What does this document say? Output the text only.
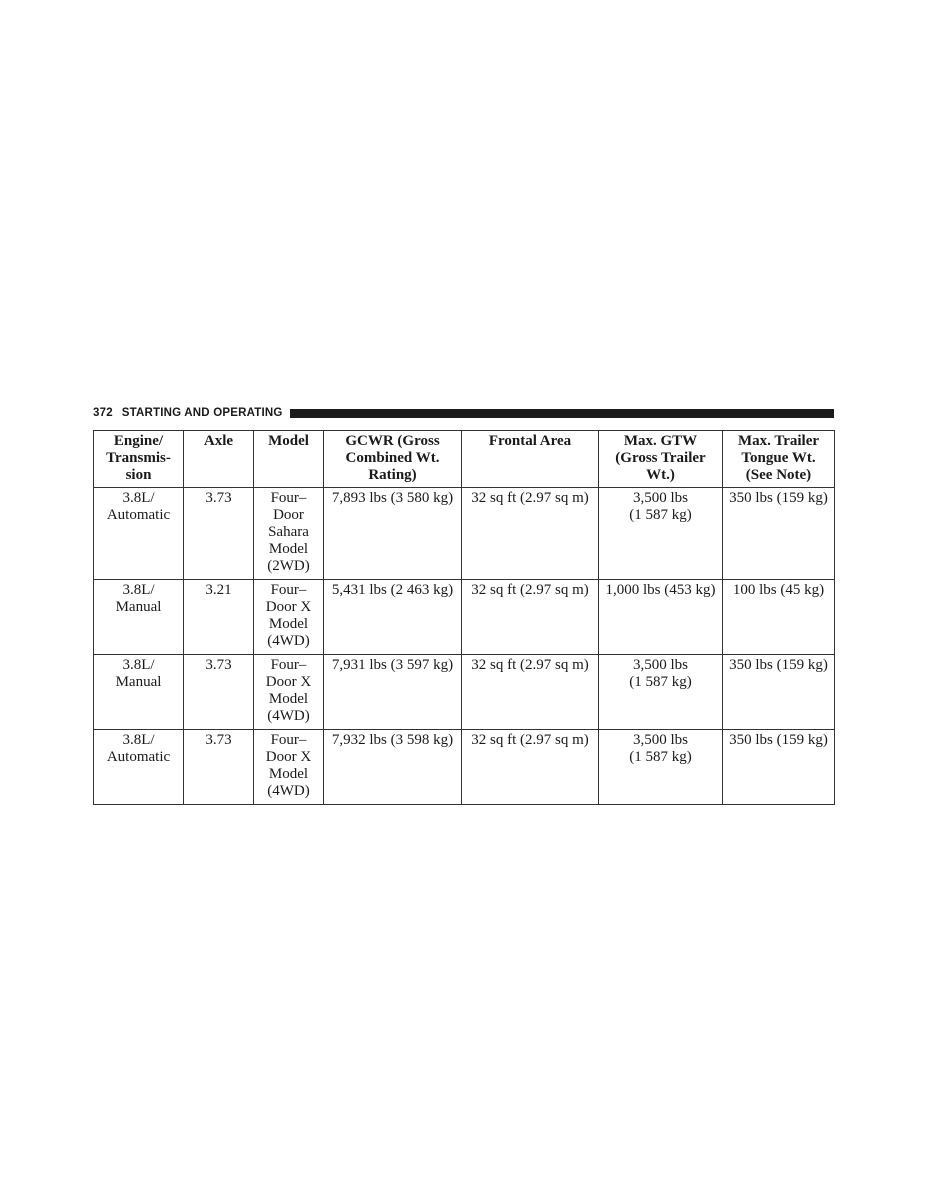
372 STARTING AND OPERATING
Engine/
Transmis-
sion	Axle	Model	GCWR (Gross
Combined Wt.
Rating)	Frontal Area	Max. GTW
(Gross Trailer
Wt.)	Max. Trailer
Tongue Wt.
(See Note)

3.8L/
Automatic	3.73	Four–
Door
Sahara
Model
(2WD)	7,893 lbs (3 580 kg)	32 sq ft (2.97 sq m)	3,500 lbs
(1 587 kg)	350 lbs (159 kg)

3.8L/
Manual	3.21	Four–
Door X
Model
(4WD)	5,431 lbs (2 463 kg)	32 sq ft (2.97 sq m)	1,000 lbs (453 kg)	100 lbs (45 kg)

3.8L/
Manual	3.73	Four–
Door X
Model
(4WD)	7,931 lbs (3 597 kg)	32 sq ft (2.97 sq m)	3,500 lbs
(1 587 kg)	350 lbs (159 kg)

3.8L/
Automatic	3.73	Four–
Door X
Model
(4WD)	7,932 lbs (3 598 kg)	32 sq ft (2.97 sq m)	3,500 lbs
(1 587 kg)	350 lbs (159 kg)
